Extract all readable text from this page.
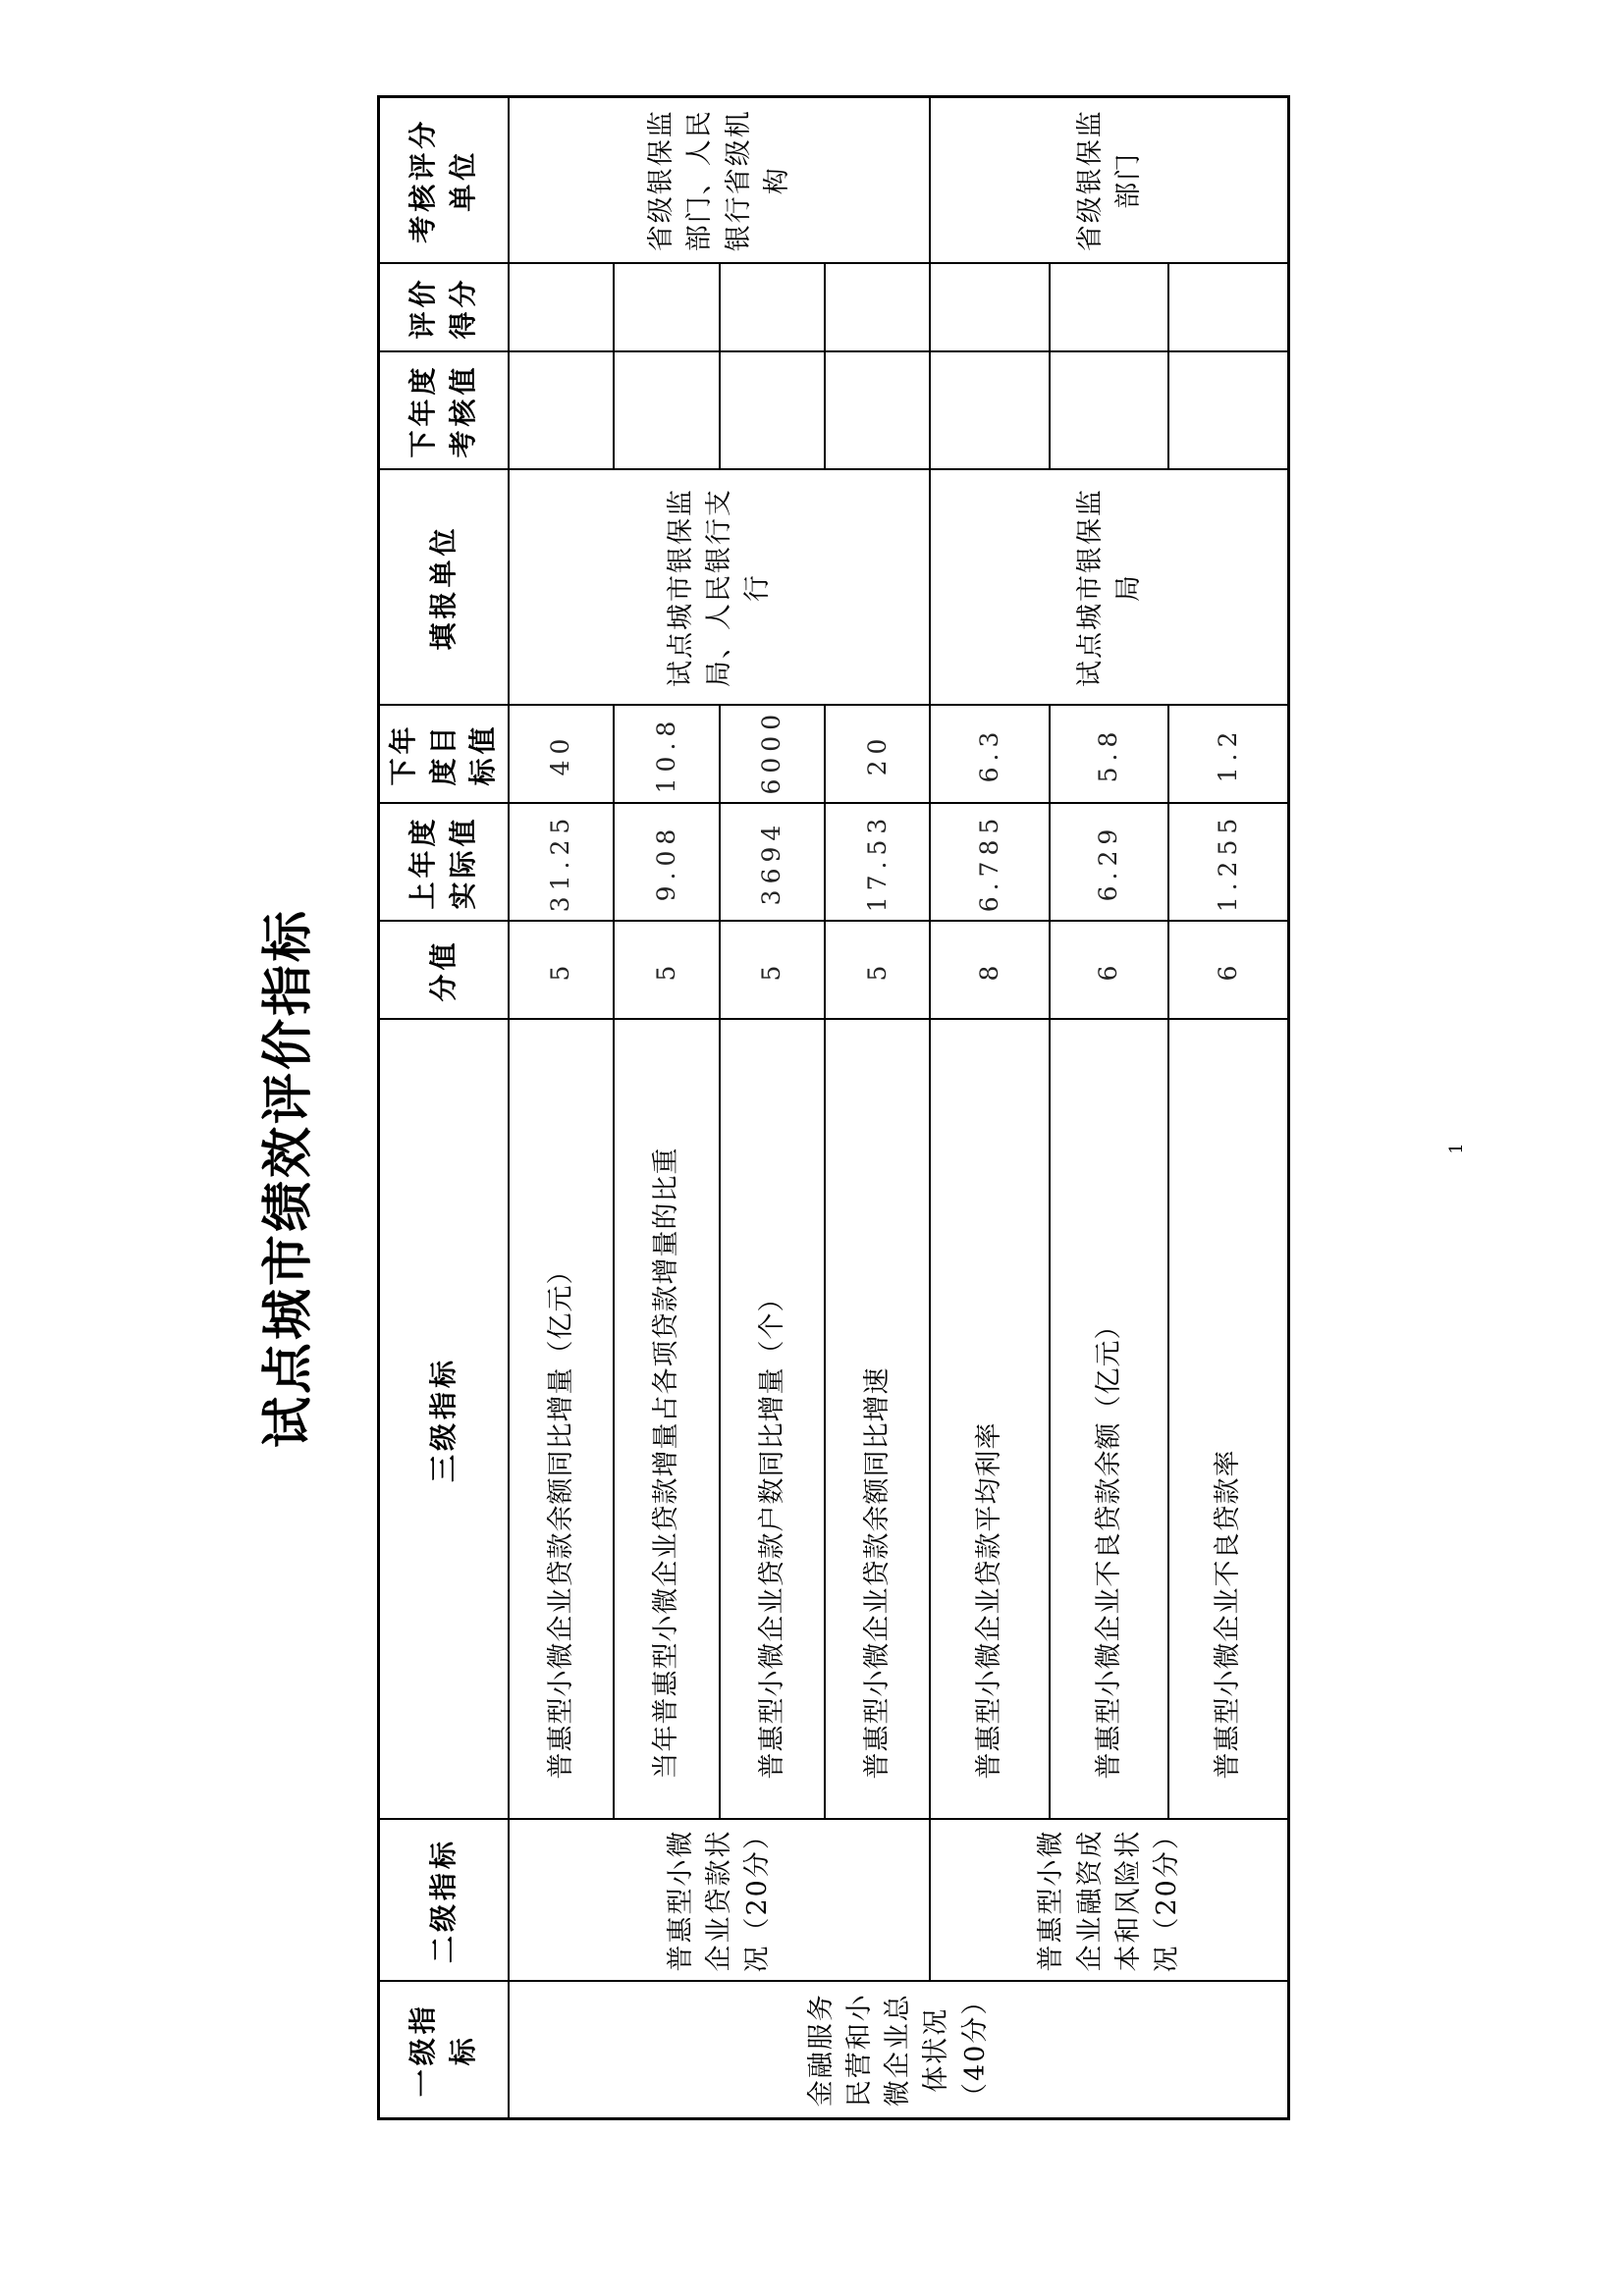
试点城市绩效评价指标
一级指标	二级指标	三级指标	分值	上年度实际值	下年度目标值	填报单位	下年度考核值	评价得分	考核评分单位
金融服务民营和小微企业总体状况（40分）	普惠型小微企业贷款状况（20分）	普惠型小微企业贷款余额同比增量（亿元）	5	31.25	40	试点城市银保监局、人民银行支行			省级银保监部门、人民银行省级机构
		当年普惠型小微企业贷款增量占各项贷款增量的比重	5	9.08	10.8				
		普惠型小微企业贷款户数同比增量（个）	5	3694	6000				
		普惠型小微企业贷款余额同比增速	5	17.53	20				
	普惠型小微企业融资成本和风险状况（20分）	普惠型小微企业贷款平均利率	8	6.785	6.3	试点城市银保监局			省级银保监部门
		普惠型小微企业不良贷款余额（亿元）	6	6.29	5.8				
		普惠型小微企业不良贷款率	6	1.255	1.2				
1
